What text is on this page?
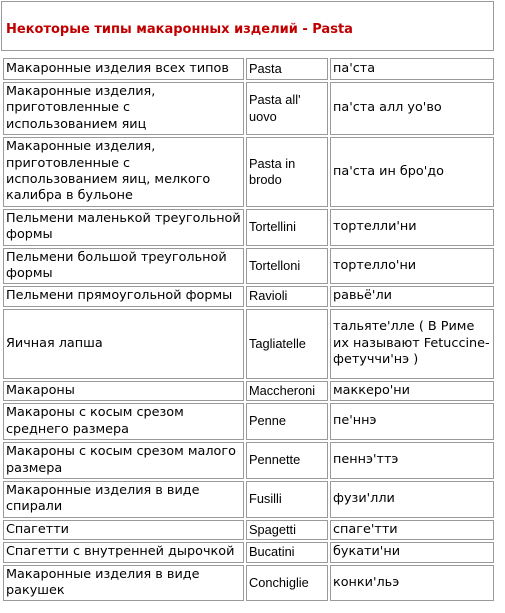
Некоторые типы макаронных изделий - Pasta
Макаронные изделия всех типов	Pasta	па'ста
Макаронные изделия, приготовленные с использованием яиц	Pasta all' uovo	па'ста алл уо'во
Макаронные изделия, приготовленные с использованием яиц, мелкого калибра в бульоне	Pasta in brodo	па'ста ин бро'до
Пельмени маленькой треугольной формы	Tortellini	тортелли'ни
Пельмени большой треугольной формы	Tortelloni	тортелло'ни
Пельмени прямоугольной формы	Ravioli	равьё'ли
Яичная лапша	Tagliatelle	тальяте'лле ( В Риме их называют Fetuccine- фетуччи'нэ )
Макароны	Maccheroni	маккеро'ни
Макароны с косым срезом среднего размера	Penne	пе'ннэ
Макароны с косым срезом малого размера	Pennette	пеннэ'ттэ
Макаронные изделия в виде спирали	Fusilli	фузи'лли
Спагетти	Spagetti	спаге'тти
Спагетти с внутренней дырочкой	Bucatini	букати'ни
Макаронные изделия в виде ракушек	Conchiglie	конки'льэ
